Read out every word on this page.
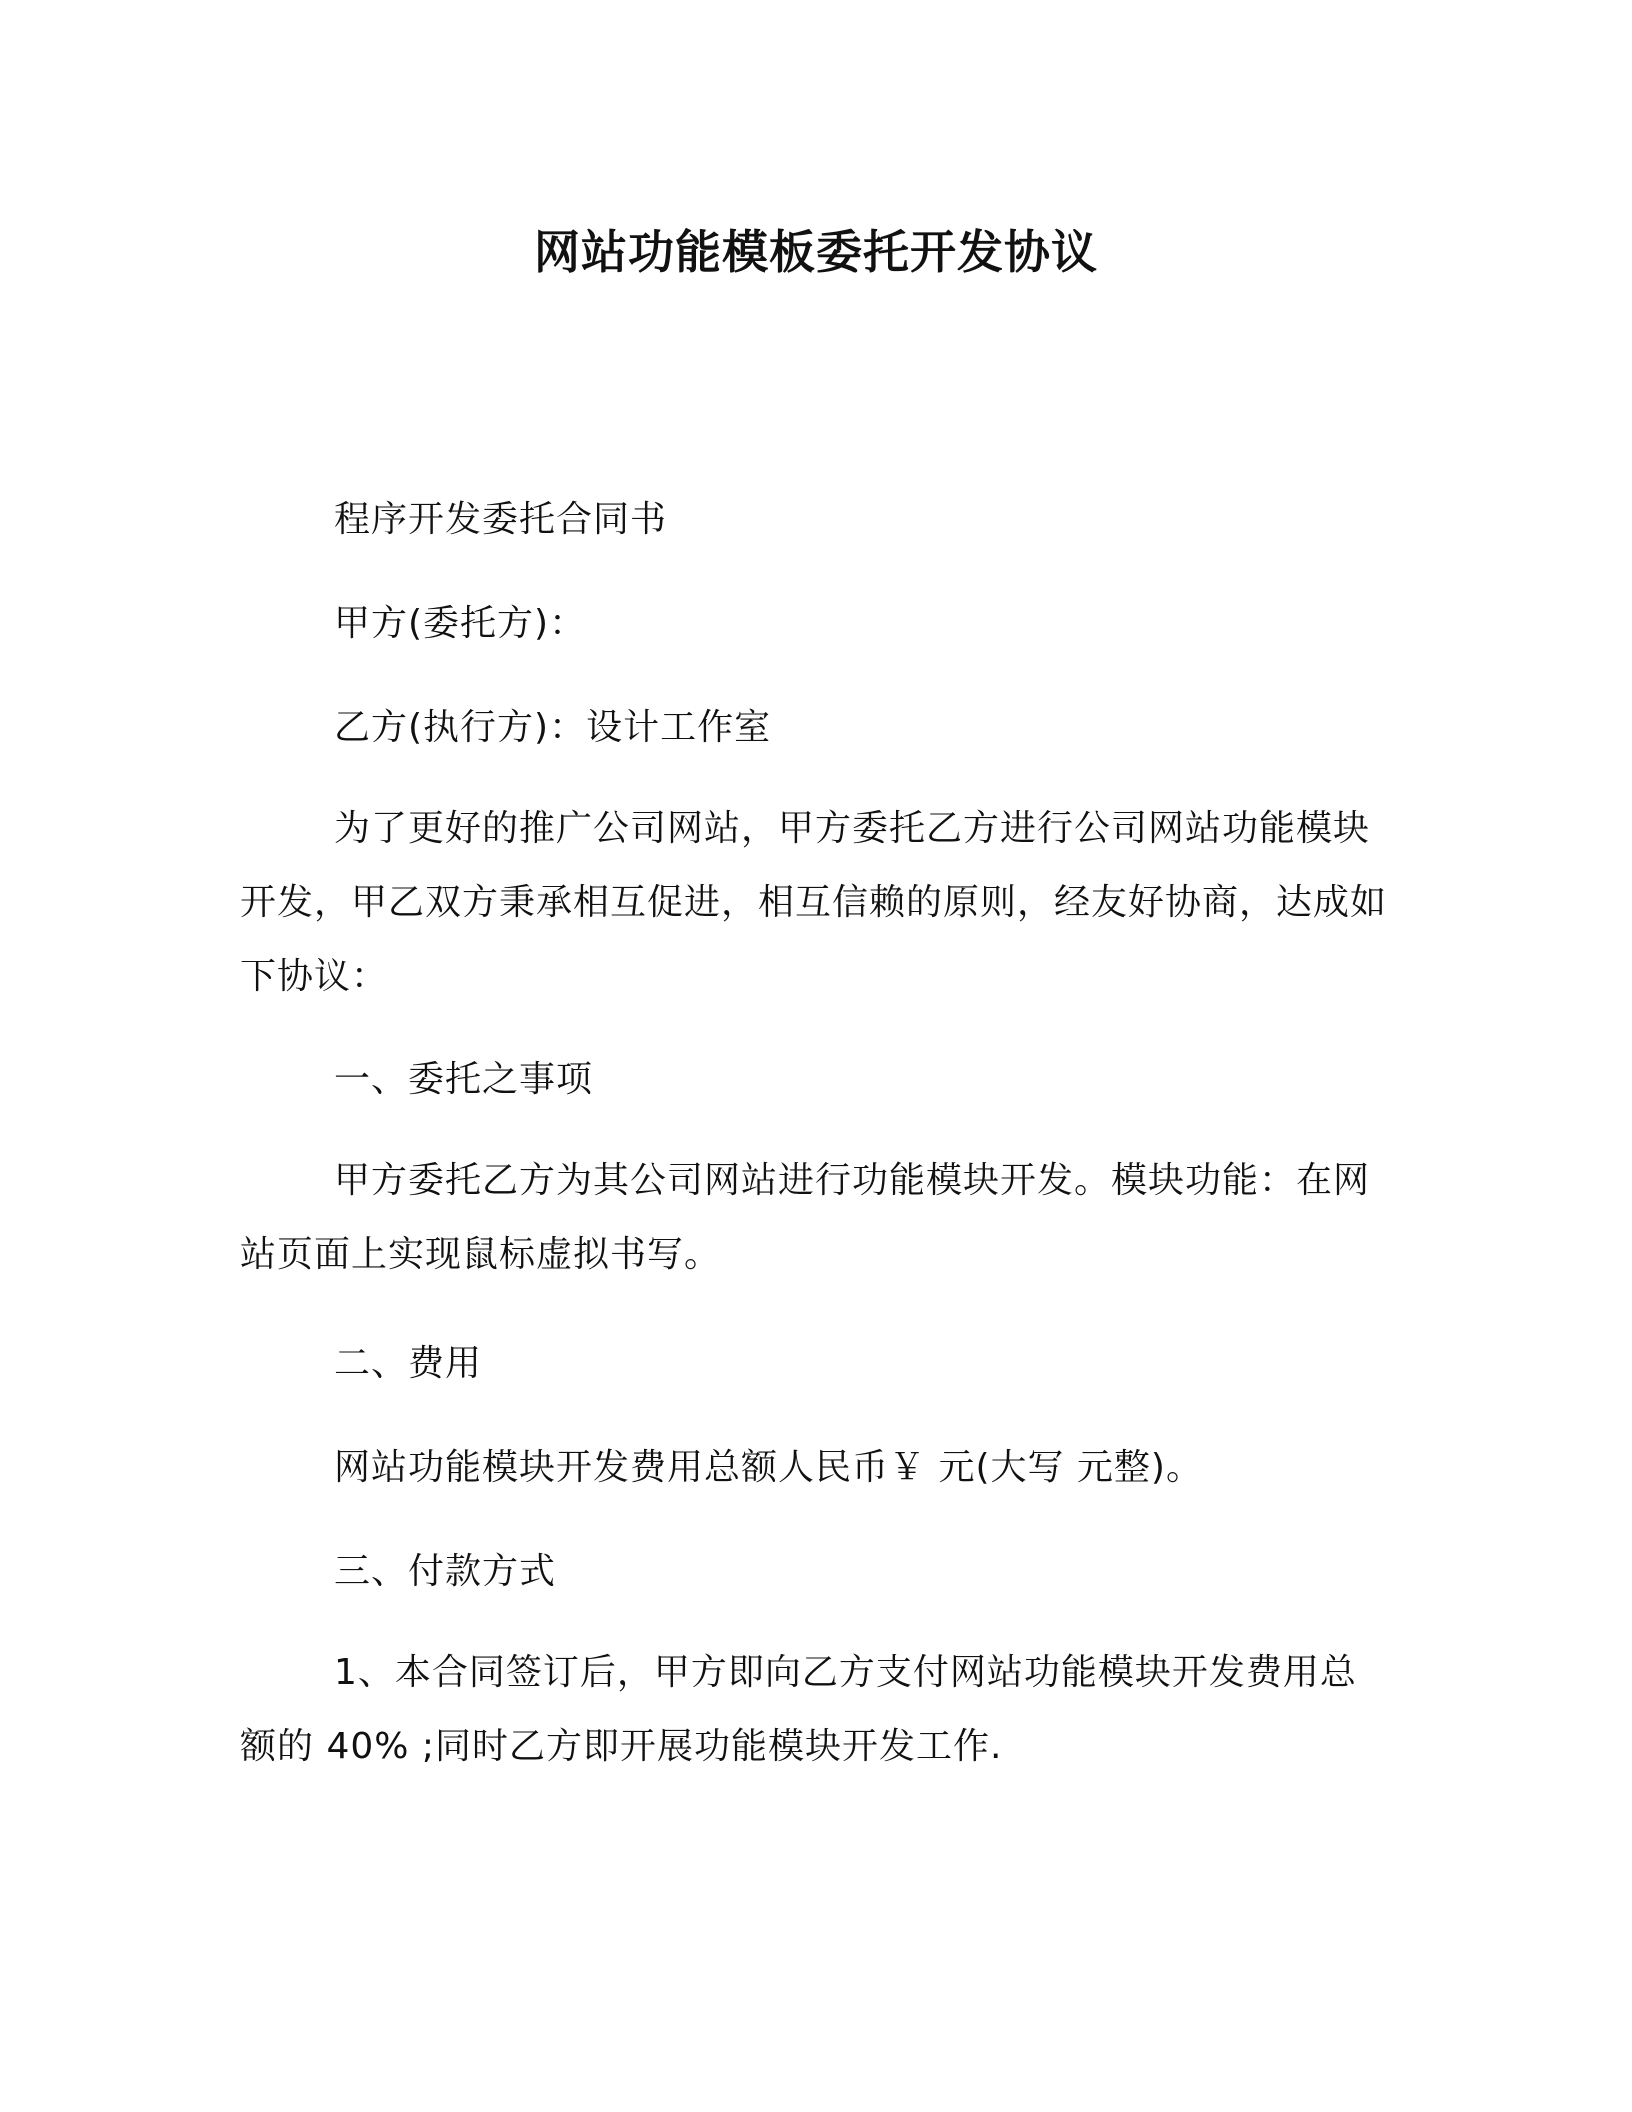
网站功能模板委托开发协议

程序开发委托合同书

甲方(委托方)：

乙方(执行方)：设计工作室

为了更好的推广公司网站，甲方委托乙方进行公司网站功能模块开发，甲乙双方秉承相互促进，相互信赖的原则，经友好协商，达成如下协议：

一、委托之事项

甲方委托乙方为其公司网站进行功能模块开发。模块功能：在网站页面上实现鼠标虚拟书写。

二、费用

网站功能模块开发费用总额人民币￥ 元(大写 元整)。

三、付款方式

1、本合同签订后，甲方即向乙方支付网站功能模块开发费用总额的 40% ;同时乙方即开展功能模块开发工作.
